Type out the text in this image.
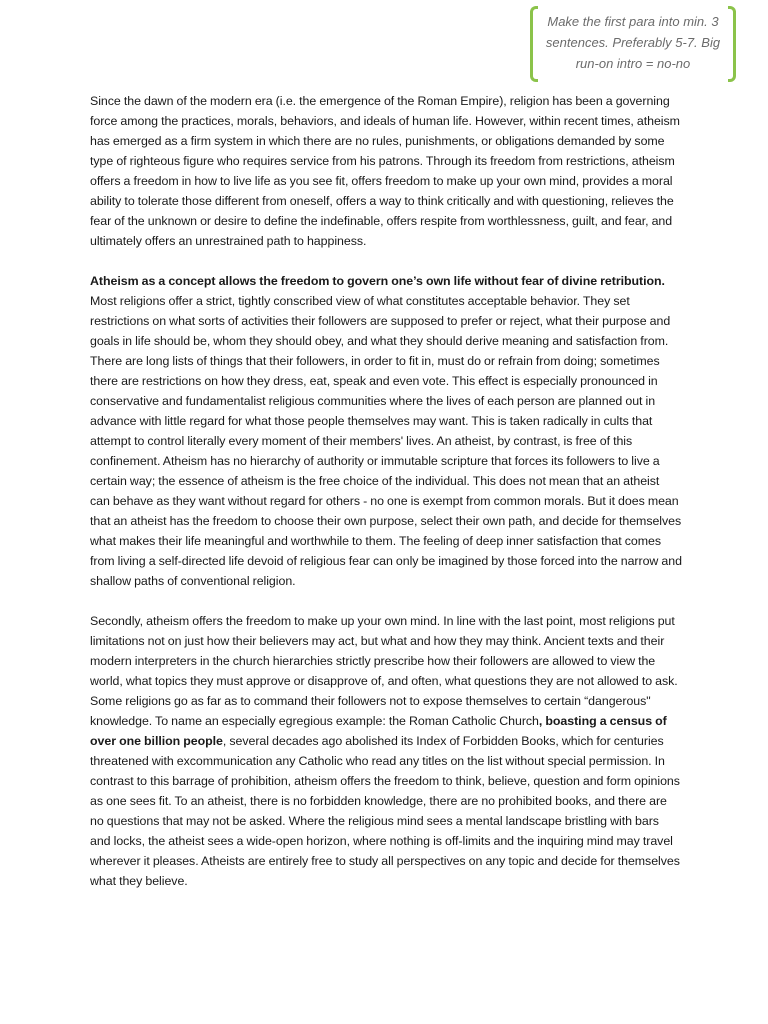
Make the first para into min. 3 sentences. Preferably 5-7. Big run-on intro = no-no

Since the dawn of the modern era (i.e. the emergence of the Roman Empire), religion has been a governing force among the practices, morals, behaviors, and ideals of human life. However, within recent times, atheism has emerged as a firm system in which there are no rules, punishments, or obligations demanded by some type of righteous figure who requires service from his patrons. Through its freedom from restrictions, atheism offers a freedom in how to live life as you see fit, offers freedom to make up your own mind, provides a moral ability to tolerate those different from oneself, offers a way to think critically and with questioning, relieves the fear of the unknown or desire to define the indefinable, offers respite from worthlessness, guilt, and fear, and ultimately offers an unrestrained path to happiness.

Atheism as a concept allows the freedom to govern one’s own life without fear of divine retribution. Most religions offer a strict, tightly conscribed view of what constitutes acceptable behavior. They set restrictions on what sorts of activities their followers are supposed to prefer or reject, what their purpose and goals in life should be, whom they should obey, and what they should derive meaning and satisfaction from. There are long lists of things that their followers, in order to fit in, must do or refrain from doing; sometimes there are restrictions on how they dress, eat, speak and even vote. This effect is especially pronounced in conservative and fundamentalist religious communities where the lives of each person are planned out in advance with little regard for what those people themselves may want. This is taken radically in cults that attempt to control literally every moment of their members' lives. An atheist, by contrast, is free of this confinement. Atheism has no hierarchy of authority or immutable scripture that forces its followers to live a certain way; the essence of atheism is the free choice of the individual. This does not mean that an atheist can behave as they want without regard for others - no one is exempt from common morals. But it does mean that an atheist has the freedom to choose their own purpose, select their own path, and decide for themselves what makes their life meaningful and worthwhile to them. The feeling of deep inner satisfaction that comes from living a self-directed life devoid of religious fear can only be imagined by those forced into the narrow and shallow paths of conventional religion.

Secondly, atheism offers the freedom to make up your own mind. In line with the last point, most religions put limitations not on just how their believers may act, but what and how they may think. Ancient texts and their modern interpreters in the church hierarchies strictly prescribe how their followers are allowed to view the world, what topics they must approve or disapprove of, and often, what questions they are not allowed to ask. Some religions go as far as to command their followers not to expose themselves to certain “dangerous" knowledge. To name an especially egregious example: the Roman Catholic Church, boasting a census of over one billion people, several decades ago abolished its Index of Forbidden Books, which for centuries threatened with excommunication any Catholic who read any titles on the list without special permission. In contrast to this barrage of prohibition, atheism offers the freedom to think, believe, question and form opinions as one sees fit. To an atheist, there is no forbidden knowledge, there are no prohibited books, and there are no questions that may not be asked. Where the religious mind sees a mental landscape bristling with bars and locks, the atheist sees a wide-open horizon, where nothing is off-limits and the inquiring mind may travel wherever it pleases. Atheists are entirely free to study all perspectives on any topic and decide for themselves what they believe.
